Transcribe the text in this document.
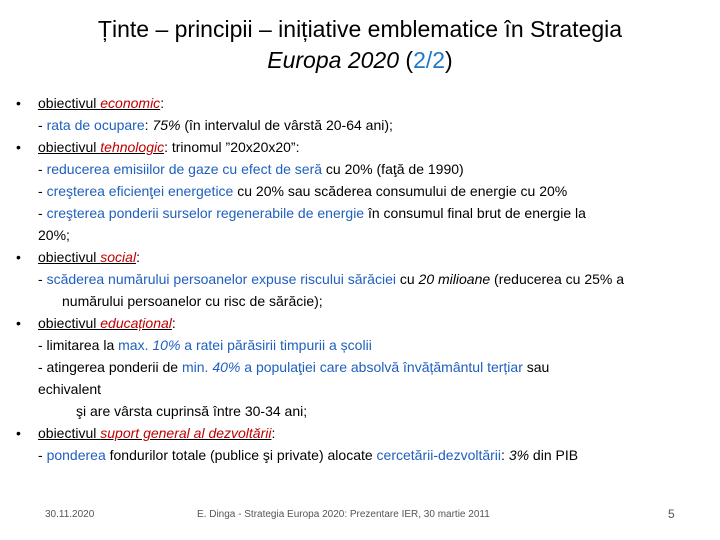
Ținte – principii – inițiative emblematice în Strategia
Europa 2020 (2/2)
• obiectivul economic:
- rata de ocupare: 75% (în intervalul de vârstă 20-64 ani);
• obiectivul tehnologic: trinomul ”20x20x20”:
- reducerea emisiilor de gaze cu efect de seră cu 20% (faţă de 1990)
- creşterea eficienţei energetice cu 20% sau scăderea consumului de energie cu 20%
- creşterea ponderii surselor regenerabile de energie în consumul final brut de energie la
20%;
• obiectivul social:
- scăderea numărului persoanelor expuse riscului sărăciei cu 20 milioane (reducerea cu 25% a
numărului persoanelor cu risc de sărăcie);
• obiectivul educațional:
- limitarea la max. 10% a ratei părăsirii timpurii a școlii
- atingerea ponderii de min. 40% a populaţiei care absolvă învățământul terțiar sau
echivalent
şi are vârsta cuprinsă între 30-34 ani;
• obiectivul suport general al dezvoltării:
- ponderea fondurilor totale (publice şi private) alocate cercetării-dezvoltării: 3% din PIB
30.11.2020	E. Dinga - Strategia Europa 2020: Prezentare IER, 30 martie 2011	5
